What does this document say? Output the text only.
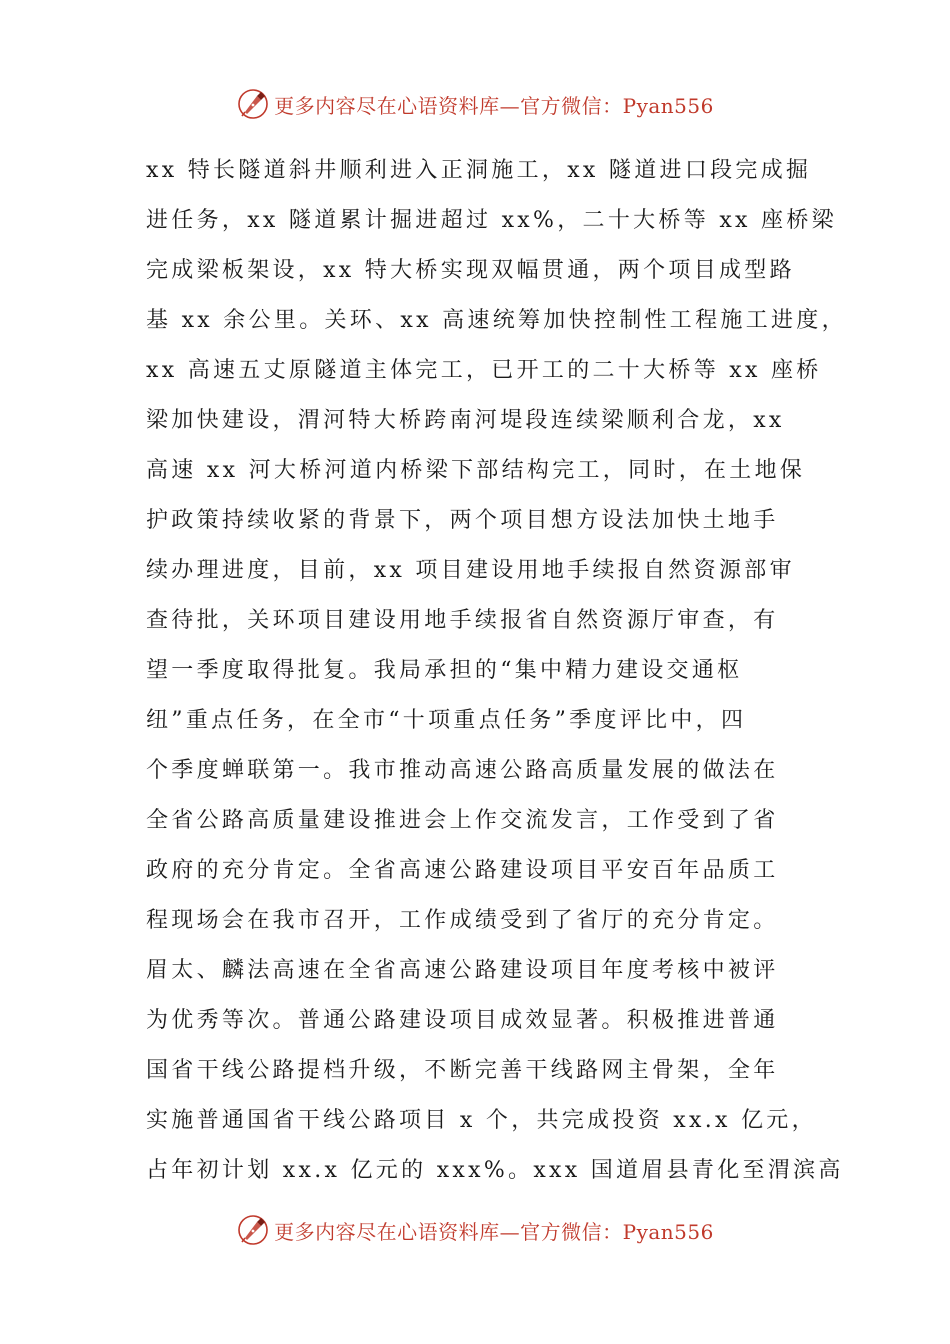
更多内容尽在心语资料库—官方微信：Pyan556
xx 特长隧道斜井顺利进入正洞施工，xx 隧道进口段完成掘
进任务，xx 隧道累计掘进超过 xx%，二十大桥等 xx 座桥梁
完成梁板架设，xx 特大桥实现双幅贯通，两个项目成型路
基 xx 余公里。关环、xx 高速统筹加快控制性工程施工进度，
xx 高速五丈原隧道主体完工，已开工的二十大桥等 xx 座桥
梁加快建设，渭河特大桥跨南河堤段连续梁顺利合龙，xx
高速 xx 河大桥河道内桥梁下部结构完工，同时，在土地保
护政策持续收紧的背景下，两个项目想方设法加快土地手
续办理进度，目前，xx 项目建设用地手续报自然资源部审
查待批，关环项目建设用地手续报省自然资源厅审查，有
望一季度取得批复。我局承担的“集中精力建设交通枢
纽”重点任务，在全市“十项重点任务”季度评比中，四
个季度蝉联第一。我市推动高速公路高质量发展的做法在
全省公路高质量建设推进会上作交流发言，工作受到了省
政府的充分肯定。全省高速公路建设项目平安百年品质工
程现场会在我市召开，工作成绩受到了省厅的充分肯定。
眉太、麟法高速在全省高速公路建设项目年度考核中被评
为优秀等次。普通公路建设项目成效显著。积极推进普通
国省干线公路提档升级，不断完善干线路网主骨架，全年
实施普通国省干线公路项目 x 个，共完成投资 xx.x 亿元，
占年初计划 xx.x 亿元的 xxx%。xxx 国道眉县青化至渭滨高
更多内容尽在心语资料库—官方微信：Pyan556
